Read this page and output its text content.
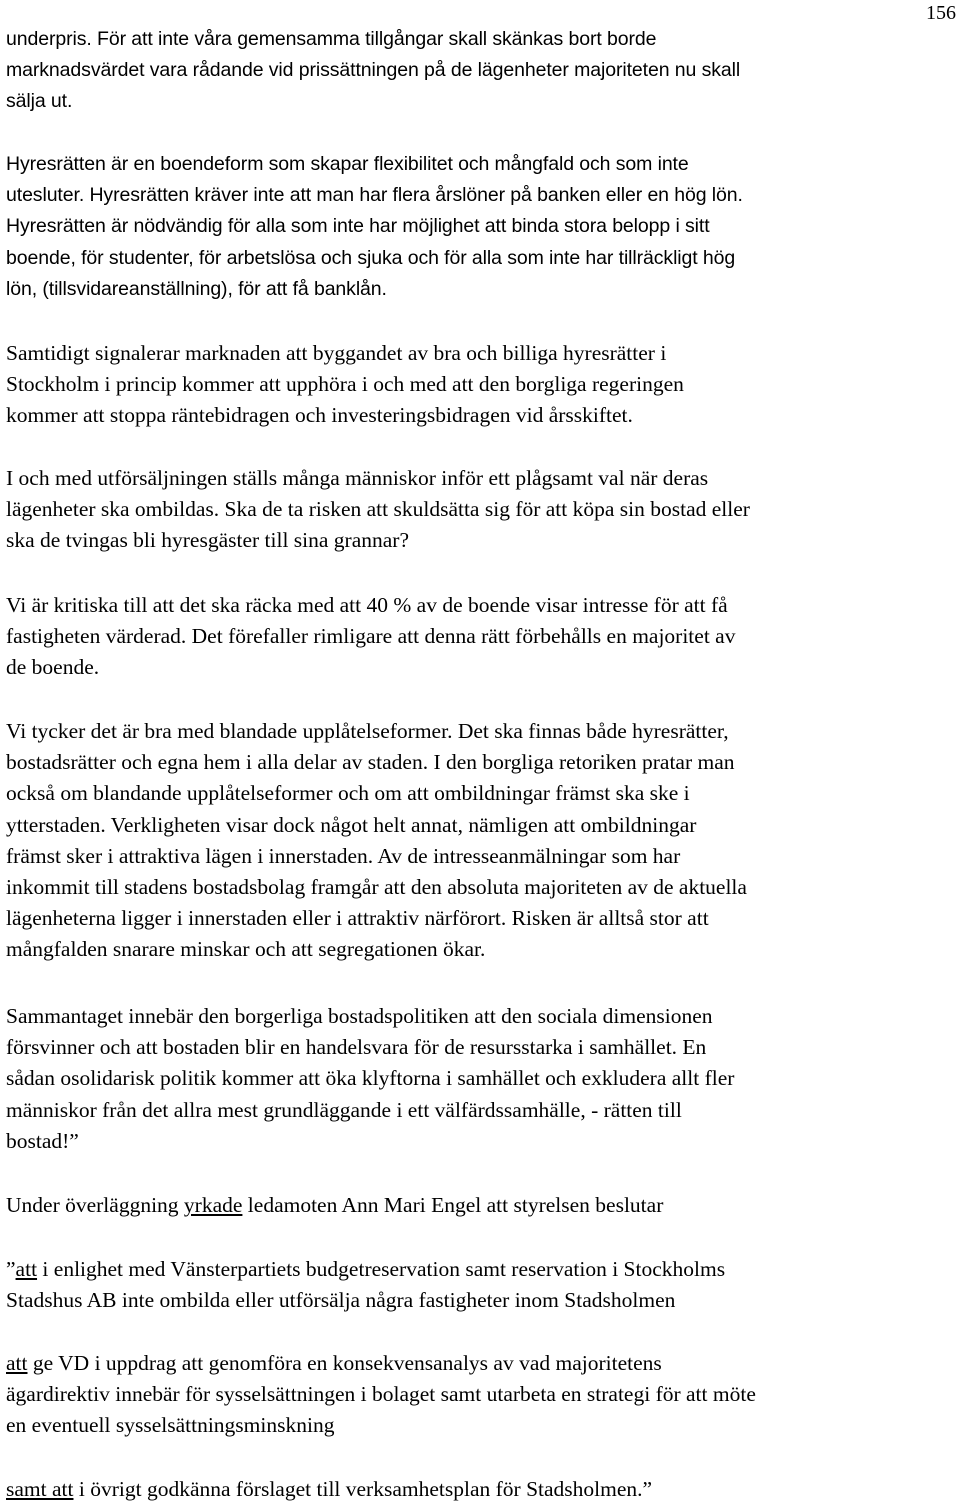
156

underpris. För att inte våra gemensamma tillgångar skall skänkas bort borde

marknadsvärdet vara rådande vid prissättningen på de lägenheter majoriteten nu skall

sälja ut.

Hyresrätten är en boendeform som skapar flexibilitet och mångfald och som inte

utesluter. Hyresrätten kräver inte att man har flera årslöner på banken eller en hög lön.

Hyresrätten är nödvändig för alla som inte har möjlighet att binda stora belopp i sitt

boende, för studenter, för arbetslösa och sjuka och för alla som inte har tillräckligt hög

lön, (tillsvidareanställning), för att få banklån.

Samtidigt signalerar marknaden att byggandet av bra och billiga hyresrätter i

Stockholm i princip kommer att upphöra i och med att den borgliga regeringen

kommer att stoppa räntebidragen och investeringsbidragen vid årsskiftet.

I och med utförsäljningen ställs många människor inför ett plågsamt val när deras

lägenheter ska ombildas. Ska de ta risken att skuldsätta sig för att köpa sin bostad eller

ska de tvingas bli hyresgäster till sina grannar?

Vi är kritiska till att det ska räcka med att 40 % av de boende visar intresse för att få

fastigheten värderad. Det förefaller rimligare att denna rätt förbehålls en majoritet av

de boende.

Vi tycker det är bra med blandade upplåtelseformer. Det ska finnas både hyresrätter,

bostadsrätter och egna hem i alla delar av staden. I den borgliga retoriken pratar man

också om blandande upplåtelseformer och om att ombildningar främst ska ske i

ytterstaden. Verkligheten visar dock något helt annat, nämligen att ombildningar

främst sker i attraktiva lägen i innerstaden. Av de intresseanmälningar som har

inkommit till stadens bostadsbolag framgår att den absoluta majoriteten av de aktuella

lägenheterna ligger i innerstaden eller i attraktiv närförort. Risken är alltså stor att

mångfalden snarare minskar och att segregationen ökar.

Sammantaget innebär den borgerliga bostadspolitiken att den sociala dimensionen

försvinner och att bostaden blir en handelsvara för de resursstarka i samhället. En

sådan osolidarisk politik kommer att öka klyftorna i samhället och exkludera allt fler

människor från det allra mest grundläggande i ett välfärdssamhälle, - rätten till

bostad!”

Under överläggning yrkade ledamoten Ann Mari Engel att styrelsen beslutar

”att i enlighet med Vänsterpartiets budgetreservation samt reservation i Stockholms

Stadshus AB inte ombilda eller utförsälja några fastigheter inom Stadsholmen

att ge VD i uppdrag att genomföra en konsekvensanalys av vad majoritetens

ägardirektiv innebär för sysselsättningen i bolaget samt utarbeta en strategi för att möte

en eventuell sysselsättningsminskning

samt att i övrigt godkänna förslaget till verksamhetsplan för Stadsholmen.”
